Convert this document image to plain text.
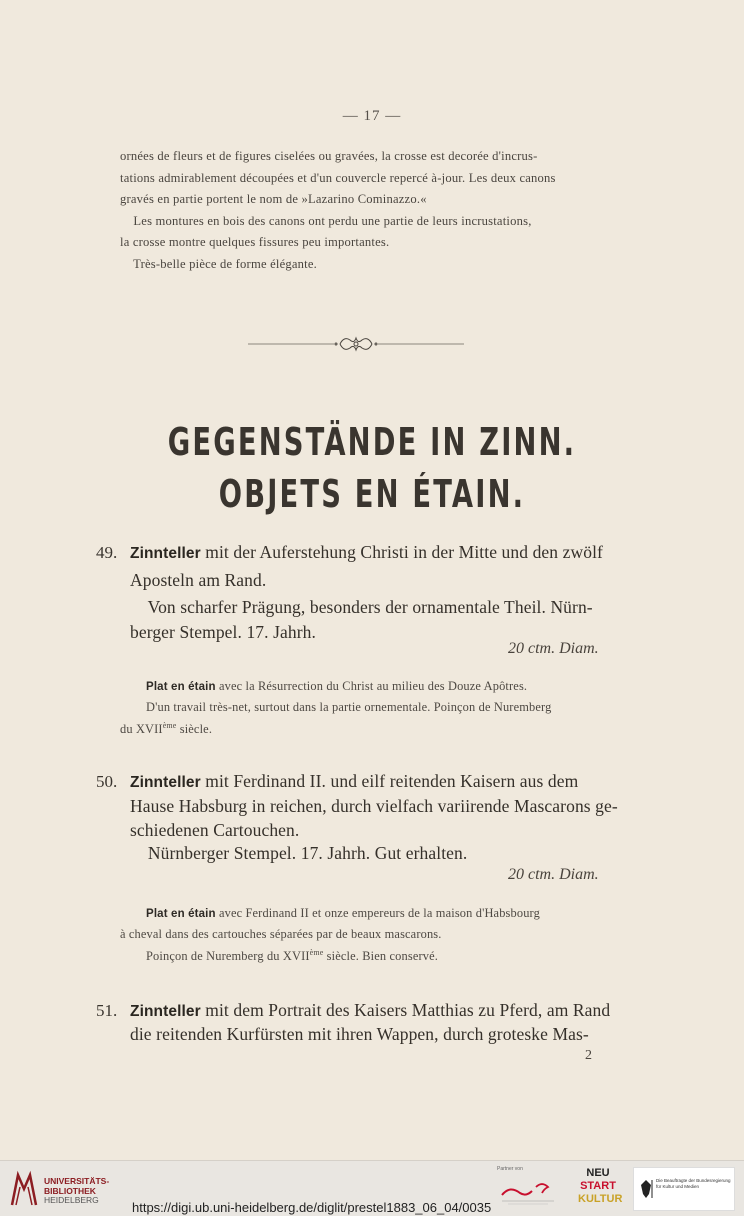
— 17 —

ornées de fleurs et de figures ciselées ou gravées, la crosse est decorée d'incrus-

tations admirablement découpées et d'un couvercle repercé à-jour. Les deux canons

gravés en partie portent le nom de »Lazarino Cominazzo.«

Les montures en bois des canons ont perdu une partie de leurs incrustations,

la crosse montre quelques fissures peu importantes.

Très-belle pièce de forme élégante.

GEGENSTÄNDE IN ZINN.
OBJETS EN ÉTAIN.
49. Zinnteller mit der Auferstehung Christi in der Mitte und den zwölf
Aposteln am Rand.
Von scharfer Prägung, besonders der ornamentale Theil. Nürn-
berger Stempel. 17. Jahrh.
20 ctm. Diam.
Plat en étain avec la Résurrection du Christ au milieu des Douze Apôtres.
D'un travail très-net, surtout dans la partie ornementale. Poinçon de Nuremberg
du XVIIème siècle.
50. Zinnteller mit Ferdinand II. und eilf reitenden Kaisern aus dem
Hause Habsburg in reichen, durch vielfach variirende Mascarons ge-
schiedenen Cartouchen.
Nürnberger Stempel. 17. Jahrh. Gut erhalten.
20 ctm. Diam.
Plat en étain avec Ferdinand II et onze empereurs de la maison d'Habsbourg
à cheval dans des cartouches séparées par de beaux mascarons.
Poinçon de Nuremberg du XVIIème siècle. Bien conservé.
51. Zinnteller mit dem Portrait des Kaisers Matthias zu Pferd, am Rand
die reitenden Kurfürsten mit ihren Wappen, durch groteske Mas-
2
UNIVERSITÄTS-
BIBLIOTHEK
HEIDELBERG	https://digi.ub.uni-heidelberg.de/diglit/prestel1883_06_04/0035
Partner von	NEU
START
KULTUR
Die Beauftragte der Bundesregierung
für Kultur und Medien
